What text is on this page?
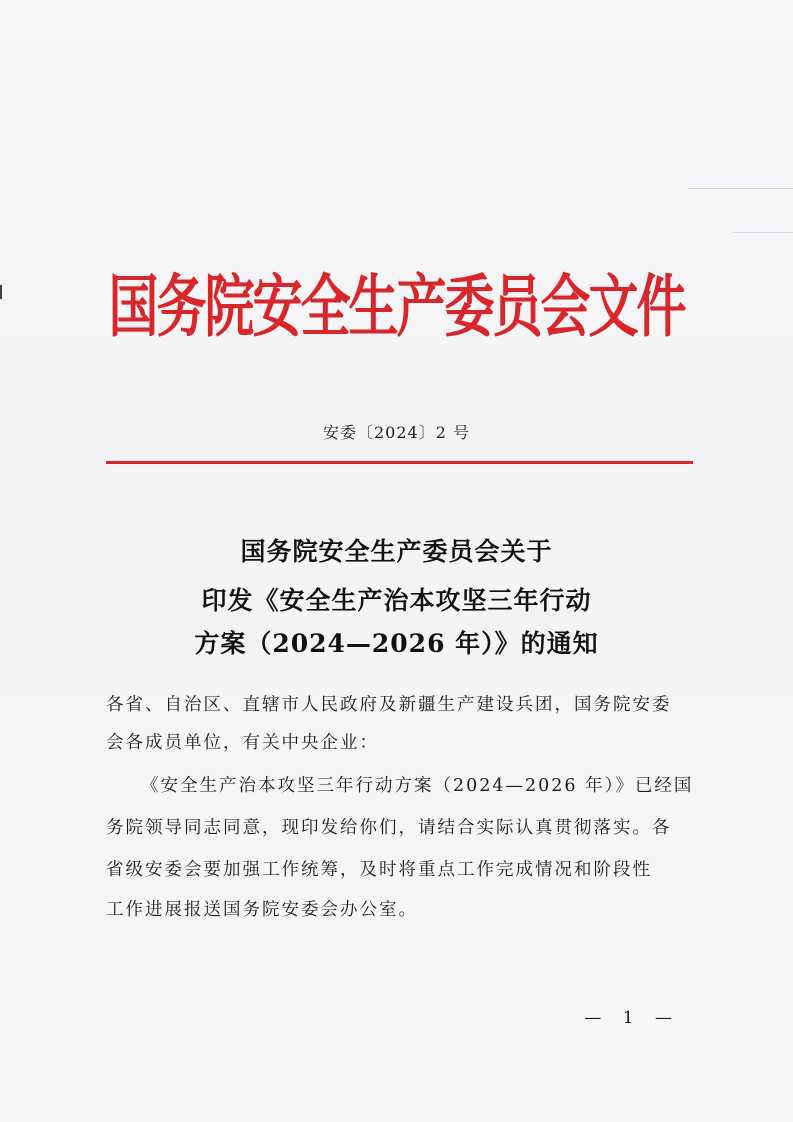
国务院安全生产委员会文件
安委〔2024〕2 号
国务院安全生产委员会关于
印发《安全生产治本攻坚三年行动
方案（2024—2026 年）》的通知
各省、自治区、直辖市人民政府及新疆生产建设兵团，国务院安委
会各成员单位，有关中央企业：
《安全生产治本攻坚三年行动方案（2024—2026 年）》已经国
务院领导同志同意，现印发给你们，请结合实际认真贯彻落实。各
省级安委会要加强工作统筹，及时将重点工作完成情况和阶段性
工作进展报送国务院安委会办公室。
— 1 —
